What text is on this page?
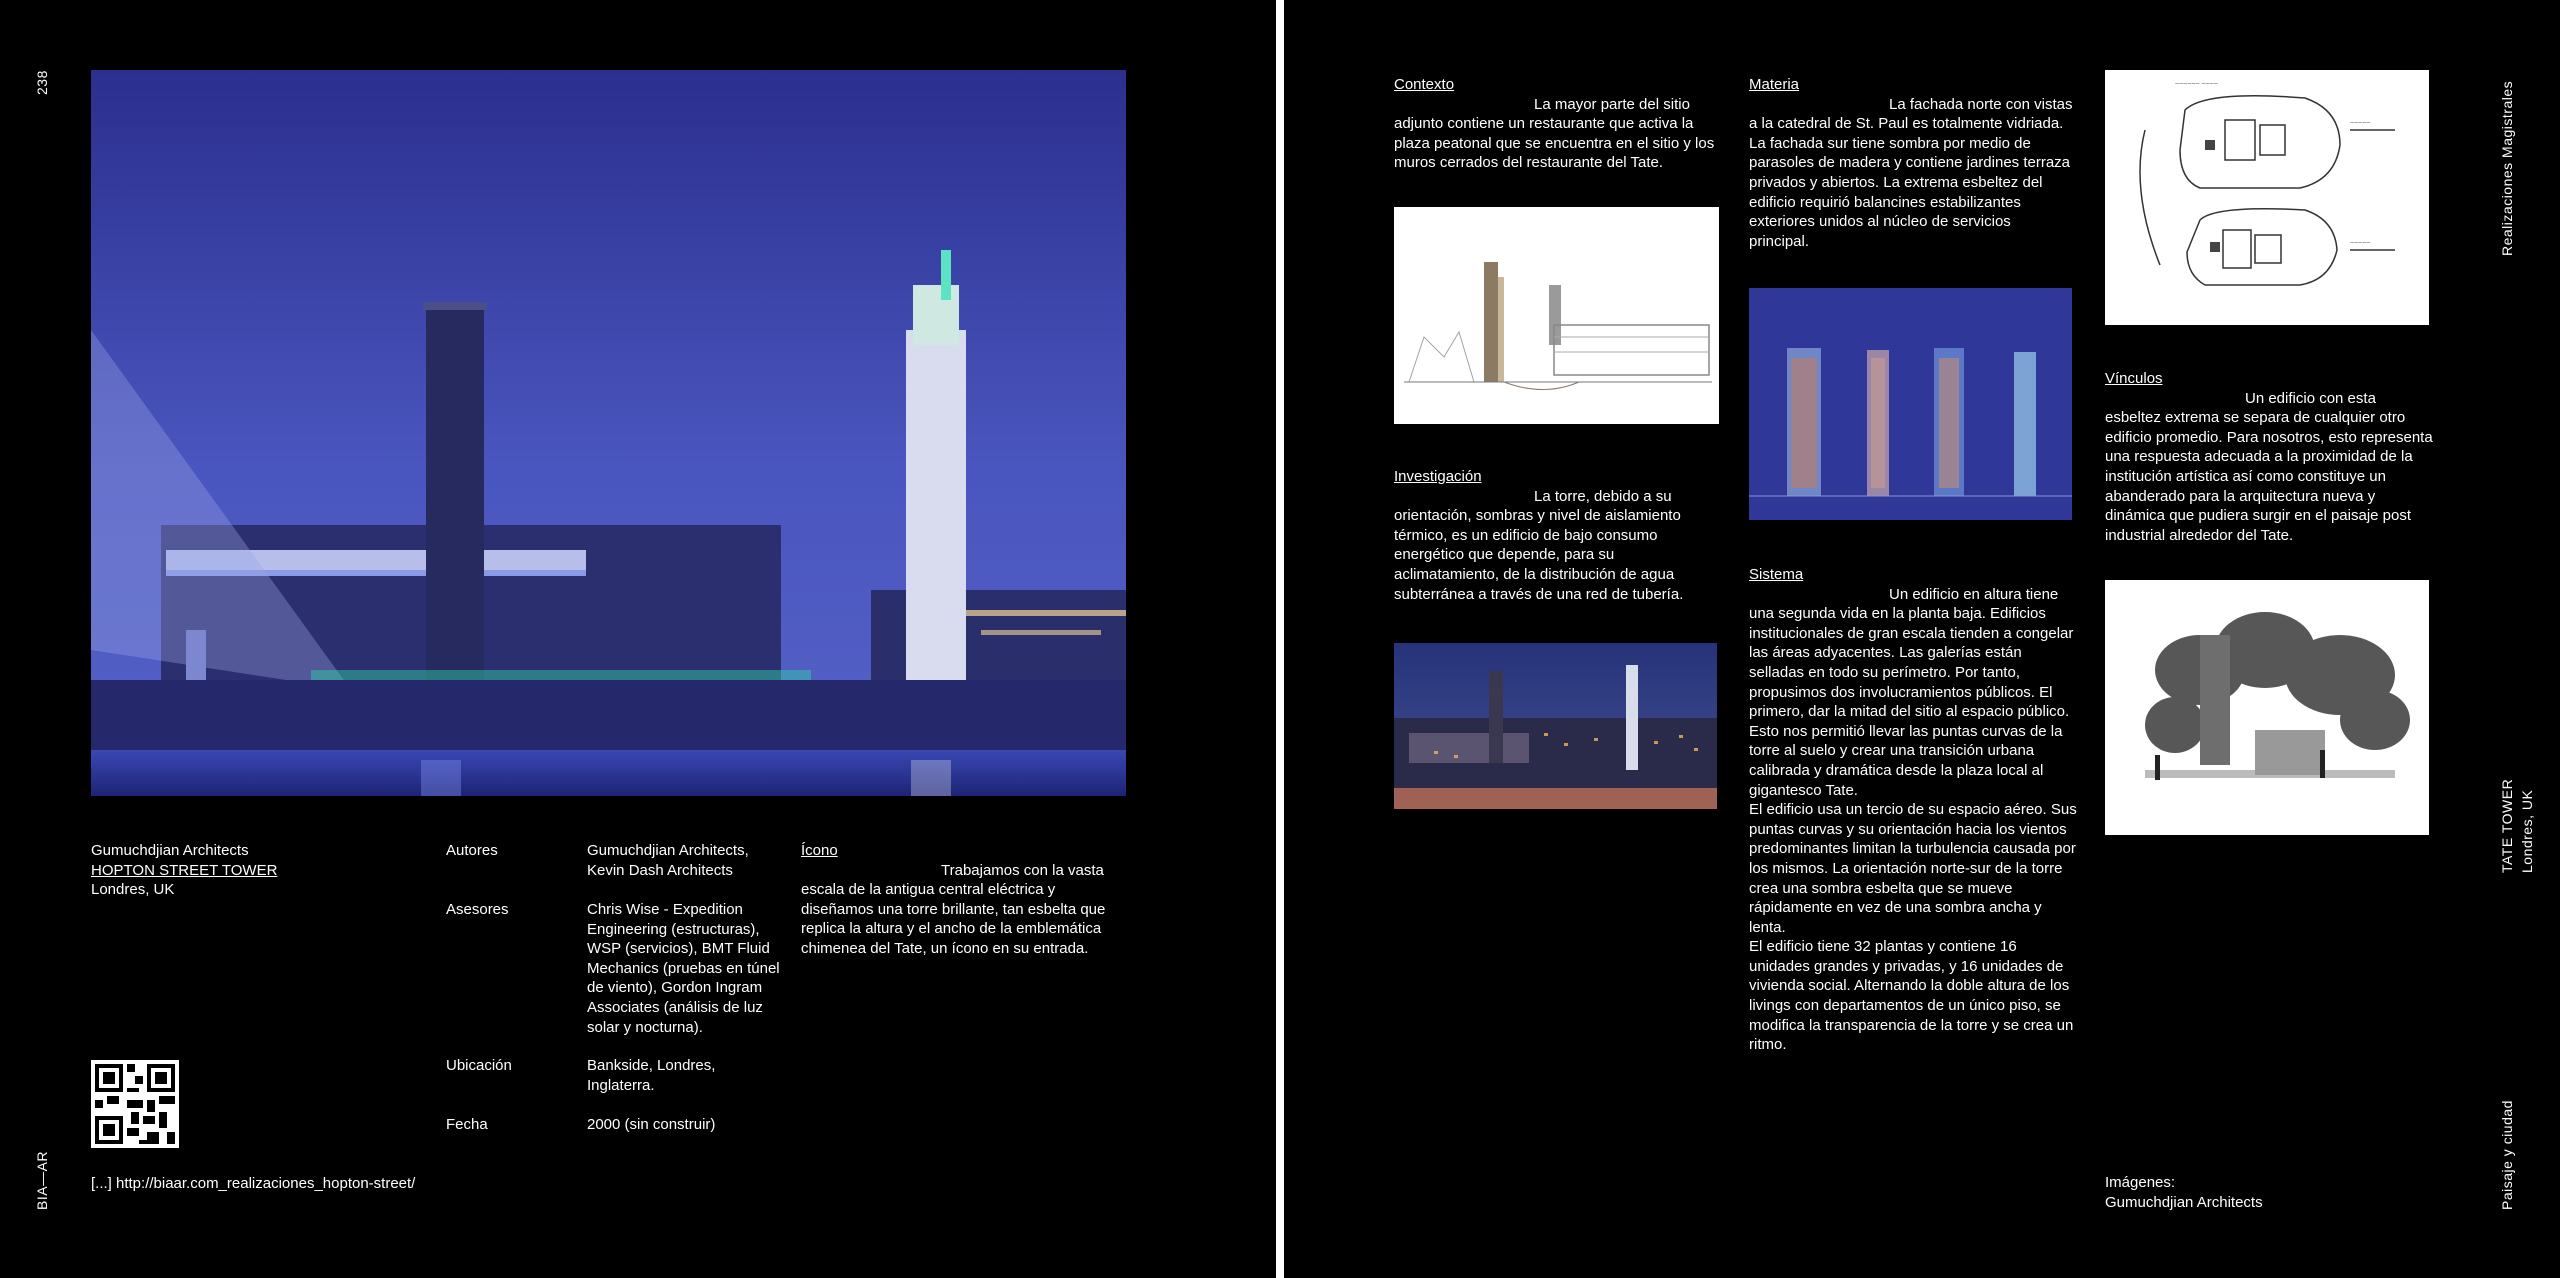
238
BIA—AR
Gumuchdjian Architects
HOPTON STREET TOWER
Londres, UK
Autores	Gumuchdjian Architects, Kevin Dash Architects
Asesores	Chris Wise - Expedition Engineering (estructuras), WSP (servicios), BMT Fluid Mechanics (pruebas en túnel de viento), Gordon Ingram Associates (análisis de luz solar y nocturna).
Ubicación	Bankside, Londres, Inglaterra.
Fecha	2000 (sin construir)
Ícono
Trabajamos con la vasta escala de la antigua central eléctrica y diseñamos una torre brillante, tan esbelta que replica la altura y el ancho de la emblemática chimenea del Tate, un ícono en su entrada.
[...] http://biaar.com_realizaciones_hopton-street/
Contexto
La mayor parte del sitio adjunto contiene un restaurante que activa la plaza peatonal que se encuentra en el sitio y los muros cerrados del restaurante del Tate.
Investigación
La torre, debido a su orientación, sombras y nivel de aislamiento térmico, es un edificio de bajo consumo energético que depende, para su aclimatamiento, de la distribución de agua subterránea a través de una red de tubería.
Materia
La fachada norte con vistas a la catedral de St. Paul es totalmente vidriada. La fachada sur tiene sombra por medio de parasoles de madera y contiene jardines terraza privados y abiertos. La extrema esbeltez del edificio requirió balancines estabilizantes exteriores unidos al núcleo de servicios principal.
Sistema
Un edificio en altura tiene una segunda vida en la planta baja. Edificios institucionales de gran escala tienden a congelar las áreas adyacentes. Las galerías están selladas en todo su perímetro. Por tanto, propusimos dos involucramientos públicos. El primero, dar la mitad del sitio al espacio público. Esto nos permitió llevar las puntas curvas de la torre al suelo y crear una transición urbana calibrada y dramática desde la plaza local al gigantesco Tate.
El edificio usa un tercio de su espacio aéreo. Sus puntas curvas y su orientación hacia los vientos predominantes limitan la turbulencia causada por los mismos. La orientación norte-sur de la torre crea una sombra esbelta que se mueve rápidamente en vez de una sombra ancha y lenta.
El edificio tiene 32 plantas y contiene 16 unidades grandes y privadas, y 16 unidades de vivienda social. Alternando la doble altura de los livings con departamentos de un único piso, se modifica la transparencia de la torre y se crea un ritmo.
~~~~~~ ~~~~
~~~~~
~~~~~
Vínculos
Un edificio con esta esbeltez extrema se separa de cualquier otro edificio promedio. Para nosotros, esto representa una respuesta adecuada a la proximidad de la institución artística así como constituye un abanderado para la arquitectura nueva y dinámica que pudiera surgir en el paisaje post industrial alrededor del Tate.
Imágenes:
Gumuchdjian Architects
Realizaciones Magistrales
TATE TOWER Londres, UK
Paisaje y ciudad
